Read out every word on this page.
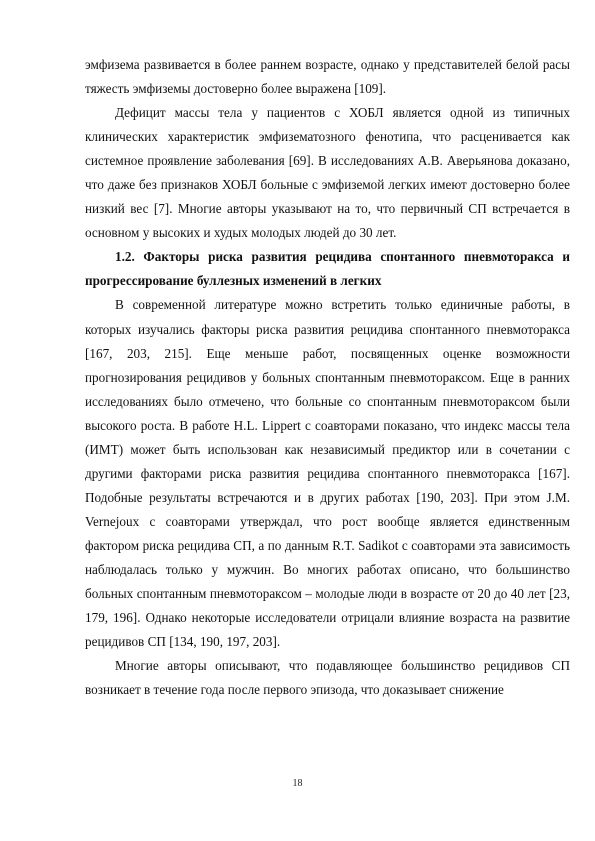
эмфизема развивается в более раннем возрасте, однако у представителей белой расы тяжесть эмфиземы достоверно более выражена [109].

Дефицит массы тела у пациентов с ХОБЛ является одной из типичных клинических характеристик эмфизематозного фенотипа, что расценивается как системное проявление заболевания [69]. В исследованиях А.В. Аверьянова доказано, что даже без признаков ХОБЛ больные с эмфиземой легких имеют достоверно более низкий вес [7]. Многие авторы указывают на то, что первичный СП встречается в основном у высоких и худых молодых людей до 30 лет.

1.2. Факторы риска развития рецидива спонтанного пневмоторакса и прогрессирование буллезных изменений в легких

В современной литературе можно встретить только единичные работы, в которых изучались факторы риска развития рецидива спонтанного пневмоторакса [167, 203, 215]. Еще меньше работ, посвященных оценке возможности прогнозирования рецидивов у больных спонтанным пневмотораксом. Еще в ранних исследованиях было отмечено, что больные со спонтанным пневмотораксом были высокого роста. В работе H.L. Lippert с соавторами показано, что индекс массы тела (ИМТ) может быть использован как независимый предиктор или в сочетании с другими факторами риска развития рецидива спонтанного пневмоторакса [167]. Подобные результаты встречаются и в других работах [190, 203]. При этом J.M. Vernejoux с соавторами утверждал, что рост вообще является единственным фактором риска рецидива СП, а по данным R.T. Sadikot с соавторами эта зависимость наблюдалась только у мужчин. Во многих работах описано, что большинство больных спонтанным пневмотораксом – молодые люди в возрасте от 20 до 40 лет [23, 179, 196]. Однако некоторые исследователи отрицали влияние возраста на развитие рецидивов СП [134, 190, 197, 203].

Многие авторы описывают, что подавляющее большинство рецидивов СП возникает в течение года после первого эпизода, что доказывает снижение

18
